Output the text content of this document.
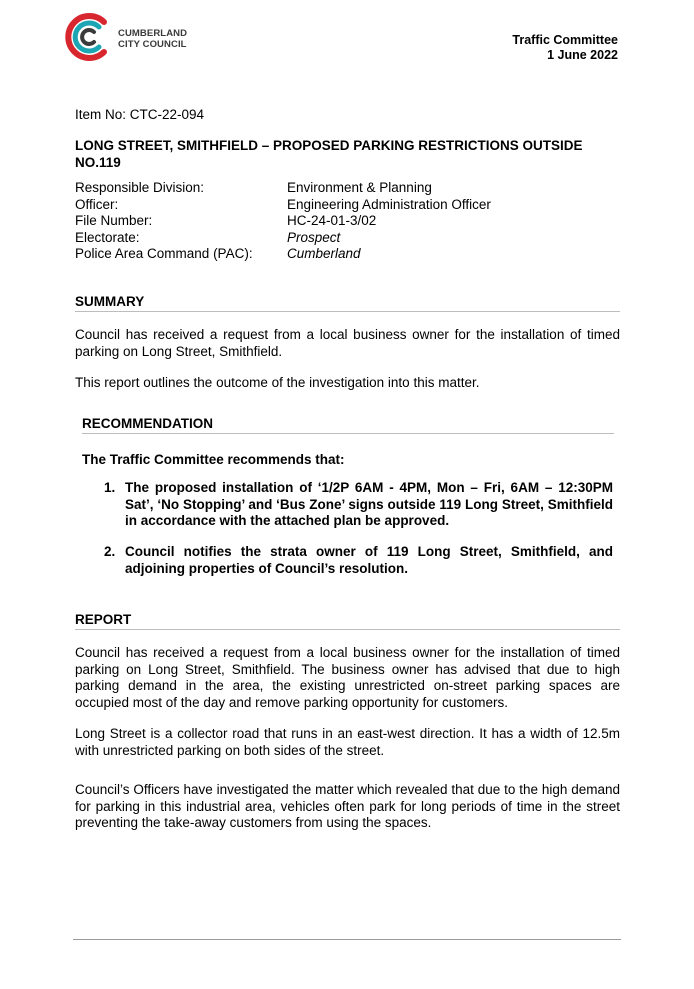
CUMBERLAND
CITY COUNCIL	Traffic Committee
1 June 2022
Item No: CTC-22-094
LONG STREET, SMITHFIELD – PROPOSED PARKING RESTRICTIONS OUTSIDE NO.119
Responsible Division:	Environment & Planning
Officer:	Engineering Administration Officer
File Number:	HC-24-01-3/02
Electorate:	Prospect
Police Area Command (PAC):	Cumberland
SUMMARY
Council has received a request from a local business owner for the installation of timed parking on Long Street, Smithfield.
This report outlines the outcome of the investigation into this matter.
RECOMMENDATION
The Traffic Committee recommends that:
1. The proposed installation of ‘1/2P 6AM - 4PM, Mon – Fri, 6AM – 12:30PM Sat’, ‘No Stopping’ and ‘Bus Zone’ signs outside 119 Long Street, Smithfield in accordance with the attached plan be approved.
2. Council notifies the strata owner of 119 Long Street, Smithfield, and adjoining properties of Council’s resolution.
REPORT
Council has received a request from a local business owner for the installation of timed parking on Long Street, Smithfield. The business owner has advised that due to high parking demand in the area, the existing unrestricted on-street parking spaces are occupied most of the day and remove parking opportunity for customers.
Long Street is a collector road that runs in an east-west direction. It has a width of 12.5m with unrestricted parking on both sides of the street.
Council’s Officers have investigated the matter which revealed that due to the high demand for parking in this industrial area, vehicles often park for long periods of time in the street preventing the take-away customers from using the spaces.
